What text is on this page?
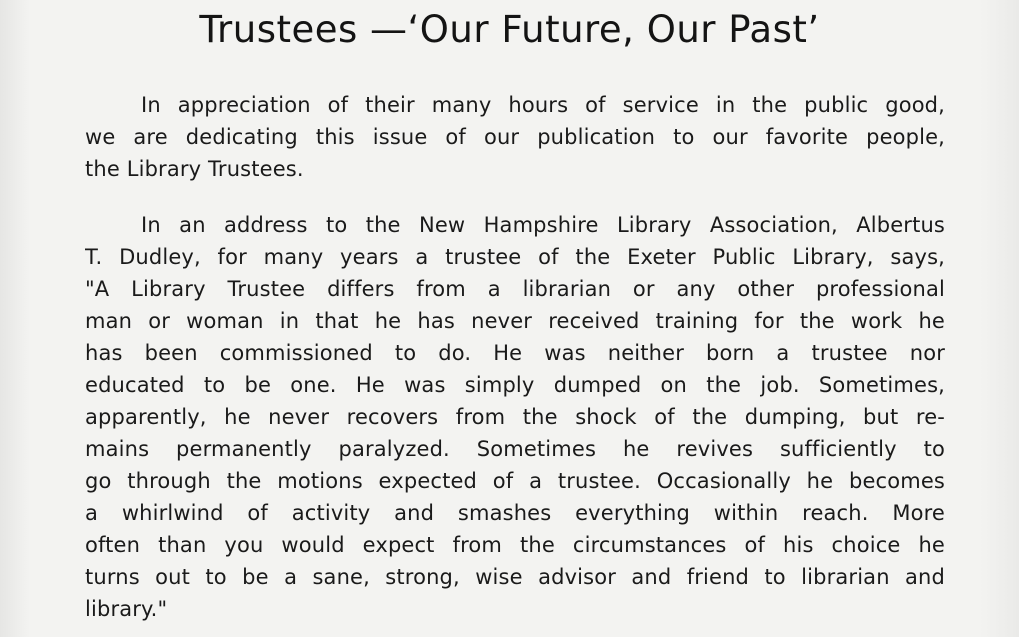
Trustees —‘Our Future, Our Past’
In appreciation of their many hours of service in the public good,
we are dedicating this issue of our publication to our favorite people,
the Library Trustees.
In an address to the New Hampshire Library Association, Albertus
T. Dudley, for many years a trustee of the Exeter Public Library, says,
"A Library Trustee differs from a librarian or any other professional
man or woman in that he has never received training for the work he
has been commissioned to do. He was neither born a trustee nor
educated to be one. He was simply dumped on the job. Sometimes,
apparently, he never recovers from the shock of the dumping, but re-
mains permanently paralyzed. Sometimes he revives sufficiently to
go through the motions expected of a trustee. Occasionally he becomes
a whirlwind of activity and smashes everything within reach. More
often than you would expect from the circumstances of his choice he
turns out to be a sane, strong, wise advisor and friend to librarian and
library."
